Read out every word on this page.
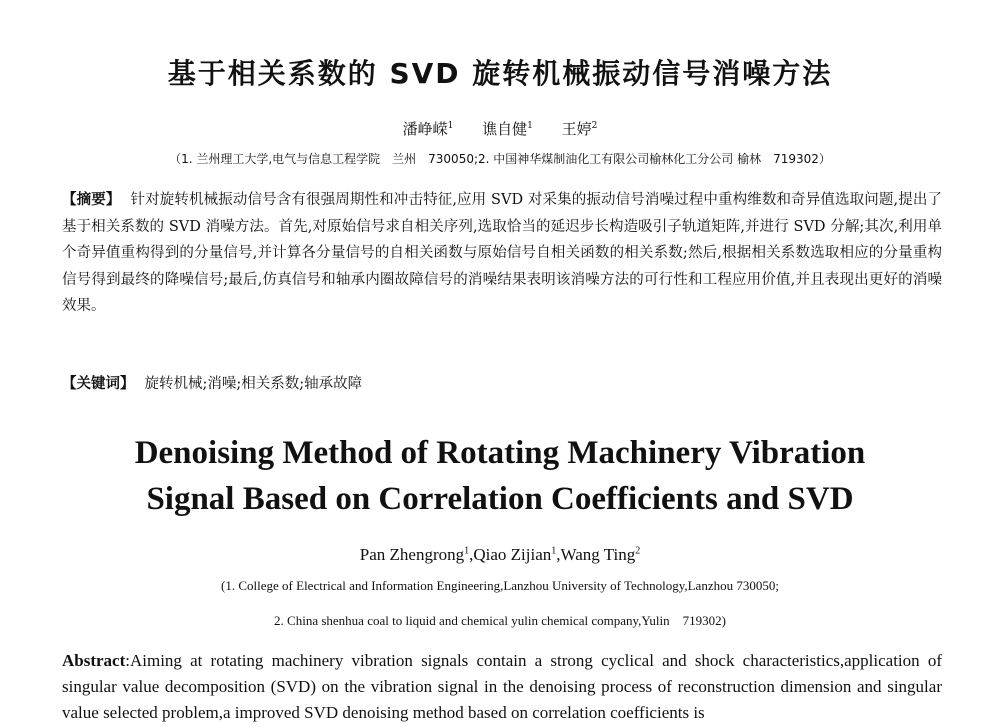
基于相关系数的 SVD 旋转机械振动信号消噪方法
潘峥嵘$^1$ 谯自健$^1$ 王婷$^2$
（1. 兰州理工大学,电气与信息工程学院　兰州　730050;2. 中国神华煤制油化工有限公司榆林化工分公司 榆林　719302）
【摘要】 针对旋转机械振动信号含有很强周期性和冲击特征,应用 SVD 对采集的振动信号消噪过程中重构维数和奇异值选取问题,提出了基于相关系数的 SVD 消噪方法。首先,对原始信号求自相关序列,选取恰当的延迟步长构造吸引子轨道矩阵,并进行 SVD 分解;其次,利用单个奇异值重构得到的分量信号,并计算各分量信号的自相关函数与原始信号自相关函数的相关系数;然后,根据相关系数选取相应的分量重构信号得到最终的降噪信号;最后,仿真信号和轴承内圈故障信号的消噪结果表明该消噪方法的可行性和工程应用价值,并且表现出更好的消噪效果。
【关键词】 旋转机械;消噪;相关系数;轴承故障
Denoising Method of Rotating Machinery Vibration
Signal Based on Correlation Coefficients and SVD
Pan Zhengrong$^1$,Qiao Zijian$^1$,Wang Ting$^2$
(1. College of Electrical and Information Engineering,Lanzhou University of Technology,Lanzhou 730050;
2. China shenhua coal to liquid and chemical yulin chemical company,Yulin　719302)
Abstract:Aiming at rotating machinery vibration signals contain a strong cyclical and shock characteristics,application of singular value decomposition (SVD) on the vibration signal in the denoising process of reconstruction dimension and singular value selected problem,a improved SVD denoising method based on correlation coefficients is
